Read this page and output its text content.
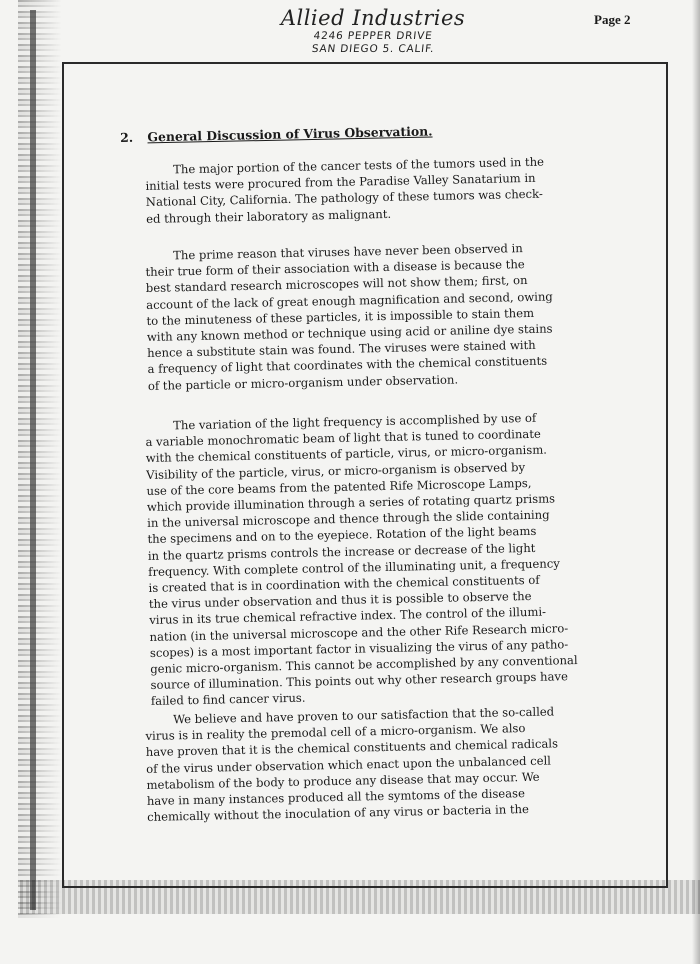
Allied Industries
4246 PEPPER DRIVE
SAN DIEGO 5. CALIF.
Page 2
2. General Discussion of Virus Observation.
The major portion of the cancer tests of the tumors used in the
initial tests were procured from the Paradise Valley Sanatarium in
National City, California. The pathology of these tumors was check-
ed through their laboratory as malignant.
The prime reason that viruses have never been observed in
their true form of their association with a disease is because the
best standard research microscopes will not show them; first, on
account of the lack of great enough magnification and second, owing
to the minuteness of these particles, it is impossible to stain them
with any known method or technique using acid or aniline dye stains
hence a substitute stain was found. The viruses were stained with
a frequency of light that coordinates with the chemical constituents
of the particle or micro-organism under observation.
The variation of the light frequency is accomplished by use of
a variable monochromatic beam of light that is tuned to coordinate
with the chemical constituents of particle, virus, or micro-organism.
Visibility of the particle, virus, or micro-organism is observed by
use of the core beams from the patented Rife Microscope Lamps,
which provide illumination through a series of rotating quartz prisms
in the universal microscope and thence through the slide containing
the specimens and on to the eyepiece. Rotation of the light beams
in the quartz prisms controls the increase or decrease of the light
frequency. With complete control of the illuminating unit, a frequency
is created that is in coordination with the chemical constituents of
the virus under observation and thus it is possible to observe the
virus in its true chemical refractive index. The control of the illumi-
nation (in the universal microscope and the other Rife Research micro-
scopes) is a most important factor in visualizing the virus of any patho-
genic micro-organism. This cannot be accomplished by any conventional
source of illumination. This points out why other research groups have
failed to find cancer virus.
We believe and have proven to our satisfaction that the so-called
virus is in reality the premodal cell of a micro-organism. We also
have proven that it is the chemical constituents and chemical radicals
of the virus under observation which enact upon the unbalanced cell
metabolism of the body to produce any disease that may occur. We
have in many instances produced all the symtoms of the disease
chemically without the inoculation of any virus or bacteria in the
